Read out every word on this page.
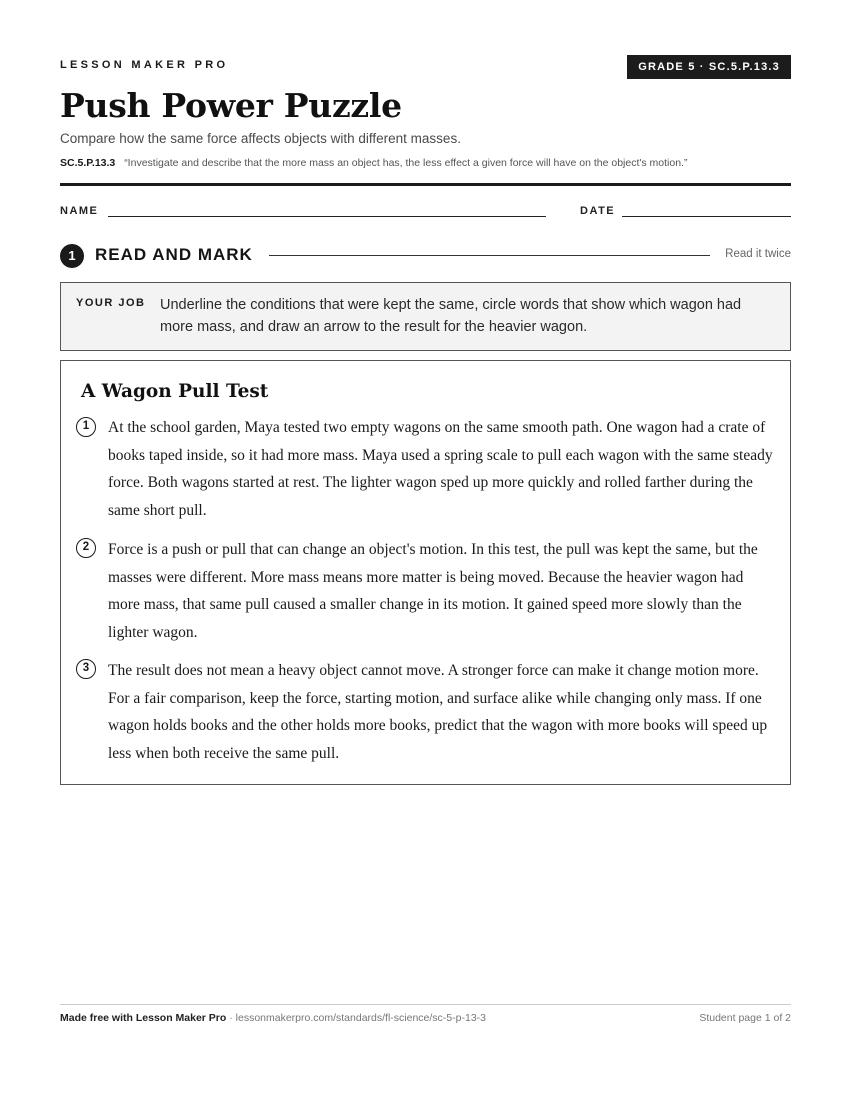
LESSON MAKER PRO	GRADE 5 · SC.5.P.13.3
Push Power Puzzle
Compare how the same force affects objects with different masses.
SC.5.P.13.3 “Investigate and describe that the more mass an object has, the less effect a given force will have on the object's motion.”
NAME	DATE
1	READ AND MARK	Read it twice
YOUR JOB Underline the conditions that were kept the same, circle words that show which wagon had more mass, and draw an arrow to the result for the heavier wagon.
A Wagon Pull Test
1	At the school garden, Maya tested two empty wagons on the same smooth path. One wagon had a crate of books taped inside, so it had more mass. Maya used a spring scale to pull each wagon with the same steady force. Both wagons started at rest. The lighter wagon sped up more quickly and rolled farther during the same short pull.

2	Force is a push or pull that can change an object's motion. In this test, the pull was kept the same, but the masses were different. More mass means more matter is being moved. Because the heavier wagon had more mass, that same pull caused a smaller change in its motion. It gained speed more slowly than the lighter wagon.

3	The result does not mean a heavy object cannot move. A stronger force can make it change motion more. For a fair comparison, keep the force, starting motion, and surface alike while changing only mass. If one wagon holds books and the other holds more books, predict that the wagon with more books will speed up less when both receive the same pull.

Made free with Lesson Maker Pro · lessonmakerpro.com/standards/fl-science/sc-5-p-13-3	Student page 1 of 2
